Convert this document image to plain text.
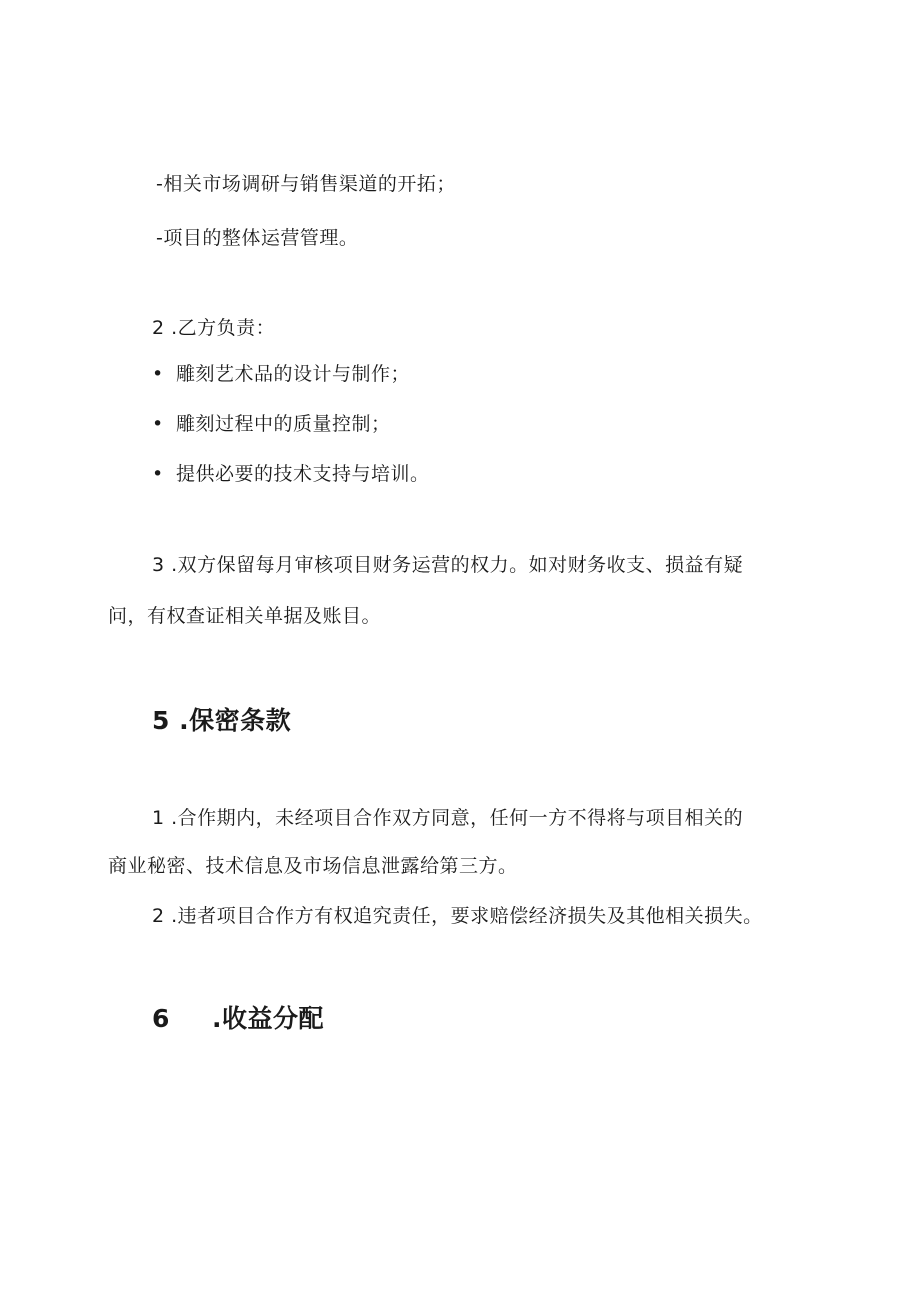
-相关市场调研与销售渠道的开拓；
-项目的整体运营管理。
2 .乙方负责：
• 雕刻艺术品的设计与制作；
• 雕刻过程中的质量控制；
• 提供必要的技术支持与培训。
3 .双方保留每月审核项目财务运营的权力。如对财务收支、损益有疑
问，有权查证相关单据及账目。
5 .保密条款
1 .合作期内，未经项目合作双方同意，任何一方不得将与项目相关的
商业秘密、技术信息及市场信息泄露给第三方。
2 .违者项目合作方有权追究责任，要求赔偿经济损失及其他相关损失。
6 .收益分配
